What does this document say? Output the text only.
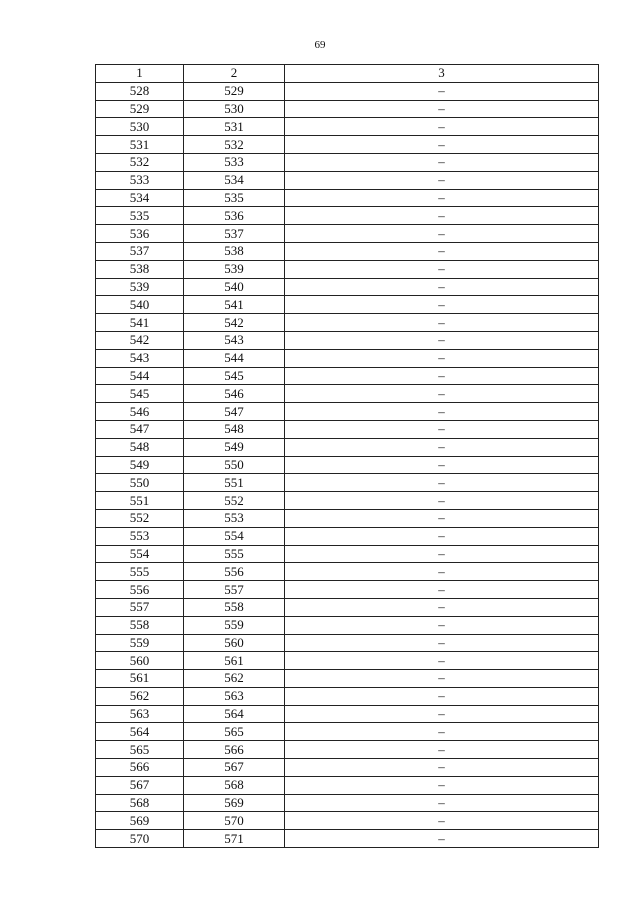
69
1	2	3
528	529	–
529	530	–
530	531	–
531	532	–
532	533	–
533	534	–
534	535	–
535	536	–
536	537	–
537	538	–
538	539	–
539	540	–
540	541	–
541	542	–
542	543	–
543	544	–
544	545	–
545	546	–
546	547	–
547	548	–
548	549	–
549	550	–
550	551	–
551	552	–
552	553	–
553	554	–
554	555	–
555	556	–
556	557	–
557	558	–
558	559	–
559	560	–
560	561	–
561	562	–
562	563	–
563	564	–
564	565	–
565	566	–
566	567	–
567	568	–
568	569	–
569	570	–
570	571	–
